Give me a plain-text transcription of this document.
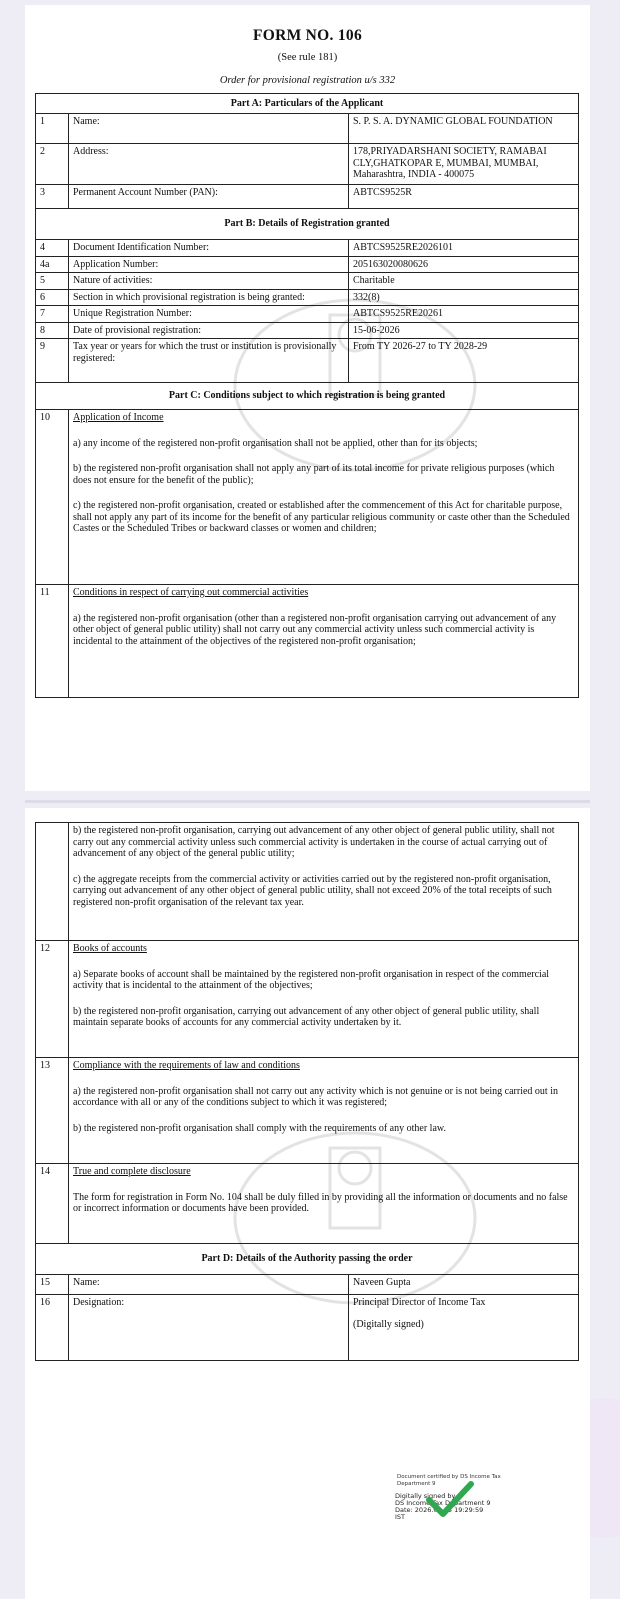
FORM NO. 106
(See rule 181)
Order for provisional registration u/s 332
Part A: Particulars of the Applicant		
1	Name:	S. P. S. A. DYNAMIC GLOBAL FOUNDATION
2	Address:	178,PRIYADARSHANI SOCIETY, RAMABAI CLY,GHATKOPAR E, MUMBAI, MUMBAI, Maharashtra, INDIA - 400075
3	Permanent Account Number (PAN):	ABTCS9525R
Part B: Details of Registration granted		
4	Document Identification Number:	ABTCS9525RE2026101
4a	Application Number:	205163020080626
5	Nature of activities:	Charitable
6	Section in which provisional registration is being granted:	332(8)
7	Unique Registration Number:	ABTCS9525RE20261
8	Date of provisional registration:	15-06-2026
9	Tax year or years for which the trust or institution is provisionally registered:	From TY 2026-27 to TY 2028-29
Part C: Conditions subject to which registration is being granted		
10	Application of Income

a) any income of the registered non-profit organisation shall not be applied, other than for its objects;

b) the registered non-profit organisation shall not apply any part of its total income for private religious purposes (which does not ensure for the benefit of the public);

c) the registered non-profit organisation, created or established after the commencement of this Act for charitable purpose, shall not apply any part of its income for the benefit of any particular religious community or caste other than the Scheduled Castes or the Scheduled Tribes or backward classes or women and children;	

11	Conditions in respect of carrying out commercial activities

a) the registered non-profit organisation (other than a registered non-profit organisation carrying out advancement of any other object of general public utility) shall not carry out any commercial activity unless such commercial activity is incidental to the attainment of the objectives of the registered non-profit organisation;	

	b) the registered non-profit organisation, carrying out advancement of any other object of general public utility, shall not carry out any commercial activity unless such commercial activity is undertaken in the course of actual carrying out of advancement of any object of the general public utility;

c) the aggregate receipts from the commercial activity or activities carried out by the registered non-profit organisation, carrying out advancement of any other object of general public utility, shall not exceed 20% of the total receipts of such registered non-profit organisation of the relevant tax year.	

12	Books of accounts

a) Separate books of account shall be maintained by the registered non-profit organisation in respect of the commercial activity that is incidental to the attainment of the objectives;

b) the registered non-profit organisation, carrying out advancement of any other object of general public utility, shall maintain separate books of accounts for any commercial activity undertaken by it.	

13	Compliance with the requirements of law and conditions

a) the registered non-profit organisation shall not carry out any activity which is not genuine or is not being carried out in accordance with all or any of the conditions subject to which it was registered;

b) the registered non-profit organisation shall comply with the requirements of any other law.	

14	True and complete disclosure

The form for registration in Form No. 104 shall be duly filled in by providing all the information or documents and no false or incorrect information or documents have been provided.	

Part D: Details of the Authority passing the order		
15	Name:	Naveen Gupta
16	Designation:	Principal Director of Income Tax
(Digitally signed)
Document certified by DS Income Tax Department 9
Digitally signed by
DS Income Tax Department 9
Date: 2026.06.15 19:29:59
IST
